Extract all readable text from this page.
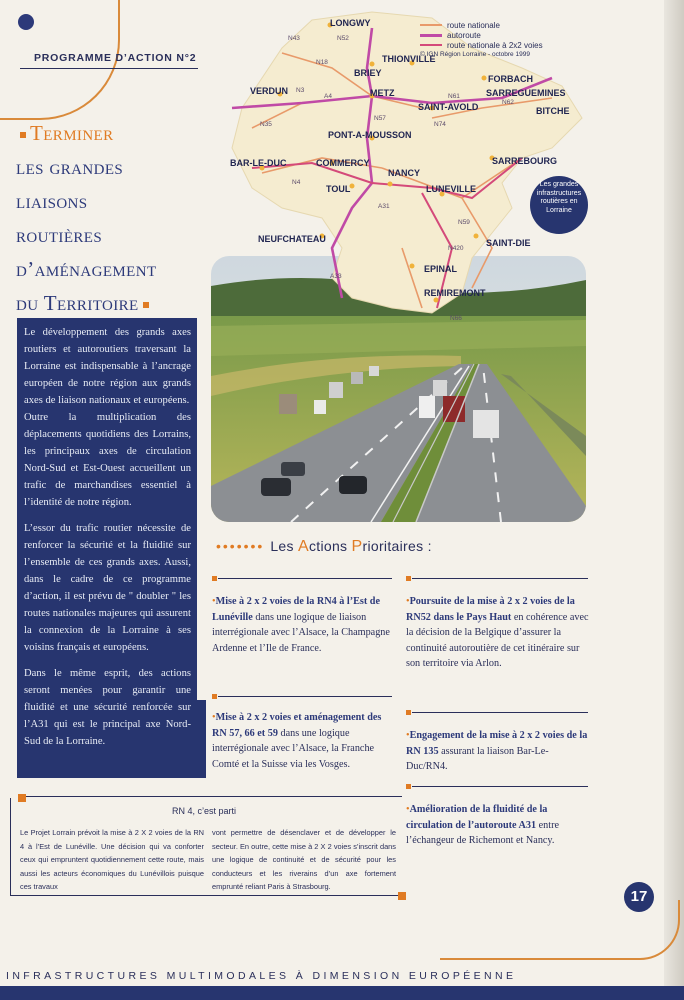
PROGRAMME D’ACTION N°2
Terminer
les grandes
liaisons
routières
d’aménagement
du Territoire

Le développement des grands axes routiers et autoroutiers traversant la Lorraine est indispensable à l’ancrage européen de notre région aux grands axes de liaison nationaux et européens.

Outre la multiplication des déplacements quotidiens des Lorrains, les principaux axes de circulation Nord-Sud et Est-Ouest accueillent un trafic de marchandises essentiel à l’identité de notre région.

L’essor du trafic routier nécessite de renforcer la sécurité et la fluidité sur l’ensemble de ces grands axes. Aussi, dans le cadre de ce programme d’action, il est prévu de " doubler " les routes nationales majeures qui assurent la connexion de la Lorraine à ses voisins français et européens.

Dans le même esprit, des actions seront menées pour garantir une fluidité et une sécurité renforcée sur l’A31 qui est le principal axe Nord-Sud de la Lorraine.

N43	N52
N18
N3
A4
N35
N57
N74
N4
A31
N59
N420
A33
N66
N61
N62
route nationale
autoroute
route nationale à 2x2 voies
© IGN Région Lorraine - octobre 1999
LONGWY
THIONVILLE
BRIEY
VERDUN	METZ
FORBACH
SARREGUEMINES
SAINT-AVOLD	BITCHE
PONT-A-MOUSSON
BAR-LE-DUC	COMMERCY
NANCY
SARREBOURG
TOUL	LUNEVILLE
NEUFCHATEAU	SAINT-DIE
EPINAL
REMIREMONT
Les grandes infrastructures routières en Lorraine
••••••• Les Actions Prioritaires :
•Mise à 2 x 2 voies de la RN4 à l’Est de Lunéville dans une logique de liaison interrégionale avec l’Alsace, la Champagne Ardenne et l’Ile de France.
•Poursuite de la mise à 2 x 2 voies de la RN52 dans le Pays Haut en cohérence avec la décision de la Belgique d’assurer la continuité autoroutière de cet itinéraire sur son territoire via Arlon.
•Mise à 2 x 2 voies et aménagement des RN 57, 66 et 59 dans une logique interrégionale avec l’Alsace, la Franche Comté et la Suisse via les Vosges.
•Engagement de la mise à 2 x 2 voies de la RN 135 assurant la liaison Bar-Le-Duc/RN4.
•Amélioration de la fluidité de la circulation de l’autoroute A31 entre l’échangeur de Richemont et Nancy.
RN 4, c’est parti
Le Projet Lorrain prévoit la mise à 2 X 2 voies de la RN 4 à l’Est de Lunéville. Une décision qui va conforter ceux qui empruntent quotidiennement cette route, mais aussi les acteurs économiques du Lunévillois puisque ces travaux
vont permettre de désenclaver et de développer le secteur. En outre, cette mise à 2 X 2 voies s’inscrit dans une logique de continuité et de sécurité pour les conducteurs et les riverains d’un axe fortement emprunté reliant Paris à Strasbourg.
17
INFRASTRUCTURES MULTIMODALES À DIMENSION EUROPÉENNE
